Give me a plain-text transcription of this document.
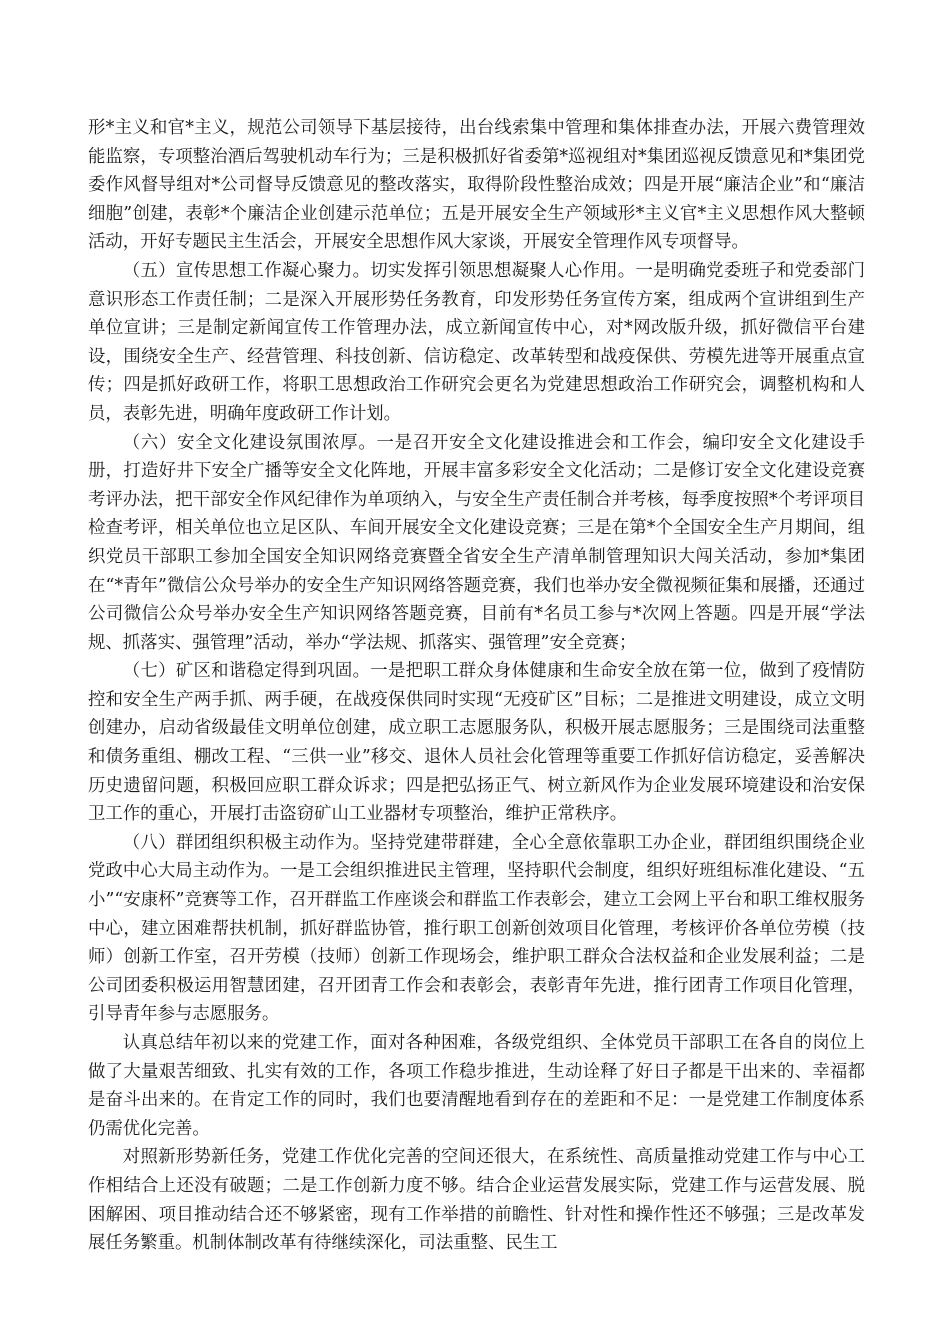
形*主义和官*主义，规范公司领导下基层接待，出台线索集中管理和集体排查办法，开展六费管理效能监察，专项整治酒后驾驶机动车行为；三是积极抓好省委第*巡视组对*集团巡视反馈意见和*集团党委作风督导组对*公司督导反馈意见的整改落实，取得阶段性整治成效；四是开展“廉洁企业”和“廉洁细胞”创建，表彰*个廉洁企业创建示范单位；五是开展安全生产领域形*主义官*主义思想作风大整顿活动，开好专题民主生活会，开展安全思想作风大家谈，开展安全管理作风专项督导。

（五）宣传思想工作凝心聚力。切实发挥引领思想凝聚人心作用。一是明确党委班子和党委部门意识形态工作责任制；二是深入开展形势任务教育，印发形势任务宣传方案，组成两个宣讲组到生产单位宣讲；三是制定新闻宣传工作管理办法，成立新闻宣传中心，对*网改版升级，抓好微信平台建设，围绕安全生产、经营管理、科技创新、信访稳定、改革转型和战疫保供、劳模先进等开展重点宣传；四是抓好政研工作，将职工思想政治工作研究会更名为党建思想政治工作研究会，调整机构和人员，表彰先进，明确年度政研工作计划。

（六）安全文化建设氛围浓厚。一是召开安全文化建设推进会和工作会，编印安全文化建设手册，打造好井下安全广播等安全文化阵地，开展丰富多彩安全文化活动；二是修订安全文化建设竞赛考评办法，把干部安全作风纪律作为单项纳入，与安全生产责任制合并考核，每季度按照*个考评项目检查考评，相关单位也立足区队、车间开展安全文化建设竞赛；三是在第*个全国安全生产月期间，组织党员干部职工参加全国安全知识网络竞赛暨全省安全生产清单制管理知识大闯关活动，参加*集团在“*青年”微信公众号举办的安全生产知识网络答题竞赛，我们也举办安全微视频征集和展播，还通过公司微信公众号举办安全生产知识网络答题竞赛，目前有*名员工参与*次网上答题。四是开展“学法规、抓落实、强管理”活动，举办“学法规、抓落实、强管理”安全竞赛；

（七）矿区和谐稳定得到巩固。一是把职工群众身体健康和生命安全放在第一位，做到了疫情防控和安全生产两手抓、两手硬，在战疫保供同时实现“无疫矿区”目标；二是推进文明建设，成立文明创建办，启动省级最佳文明单位创建，成立职工志愿服务队，积极开展志愿服务；三是围绕司法重整和债务重组、棚改工程、“三供一业”移交、退休人员社会化管理等重要工作抓好信访稳定，妥善解决历史遗留问题，积极回应职工群众诉求；四是把弘扬正气、树立新风作为企业发展环境建设和治安保卫工作的重心，开展打击盗窃矿山工业器材专项整治，维护正常秩序。

（八）群团组织积极主动作为。坚持党建带群建，全心全意依靠职工办企业，群团组织围绕企业党政中心大局主动作为。一是工会组织推进民主管理，坚持职代会制度，组织好班组标准化建设、“五小”“安康杯”竞赛等工作，召开群监工作座谈会和群监工作表彰会，建立工会网上平台和职工维权服务中心，建立困难帮扶机制，抓好群监协管，推行职工创新创效项目化管理，考核评价各单位劳模（技师）创新工作室，召开劳模（技师）创新工作现场会，维护职工群众合法权益和企业发展利益；二是公司团委积极运用智慧团建，召开团青工作会和表彰会，表彰青年先进，推行团青工作项目化管理，引导青年参与志愿服务。

认真总结年初以来的党建工作，面对各种困难，各级党组织、全体党员干部职工在各自的岗位上做了大量艰苦细致、扎实有效的工作，各项工作稳步推进，生动诠释了好日子都是干出来的、幸福都是奋斗出来的。在肯定工作的同时，我们也要清醒地看到存在的差距和不足：一是党建工作制度体系仍需优化完善。

对照新形势新任务，党建工作优化完善的空间还很大，在系统性、高质量推动党建工作与中心工作相结合上还没有破题；二是工作创新力度不够。结合企业运营发展实际，党建工作与运营发展、脱困解困、项目推动结合还不够紧密，现有工作举措的前瞻性、针对性和操作性还不够强；三是改革发展任务繁重。机制体制改革有待继续深化，司法重整、民生工
